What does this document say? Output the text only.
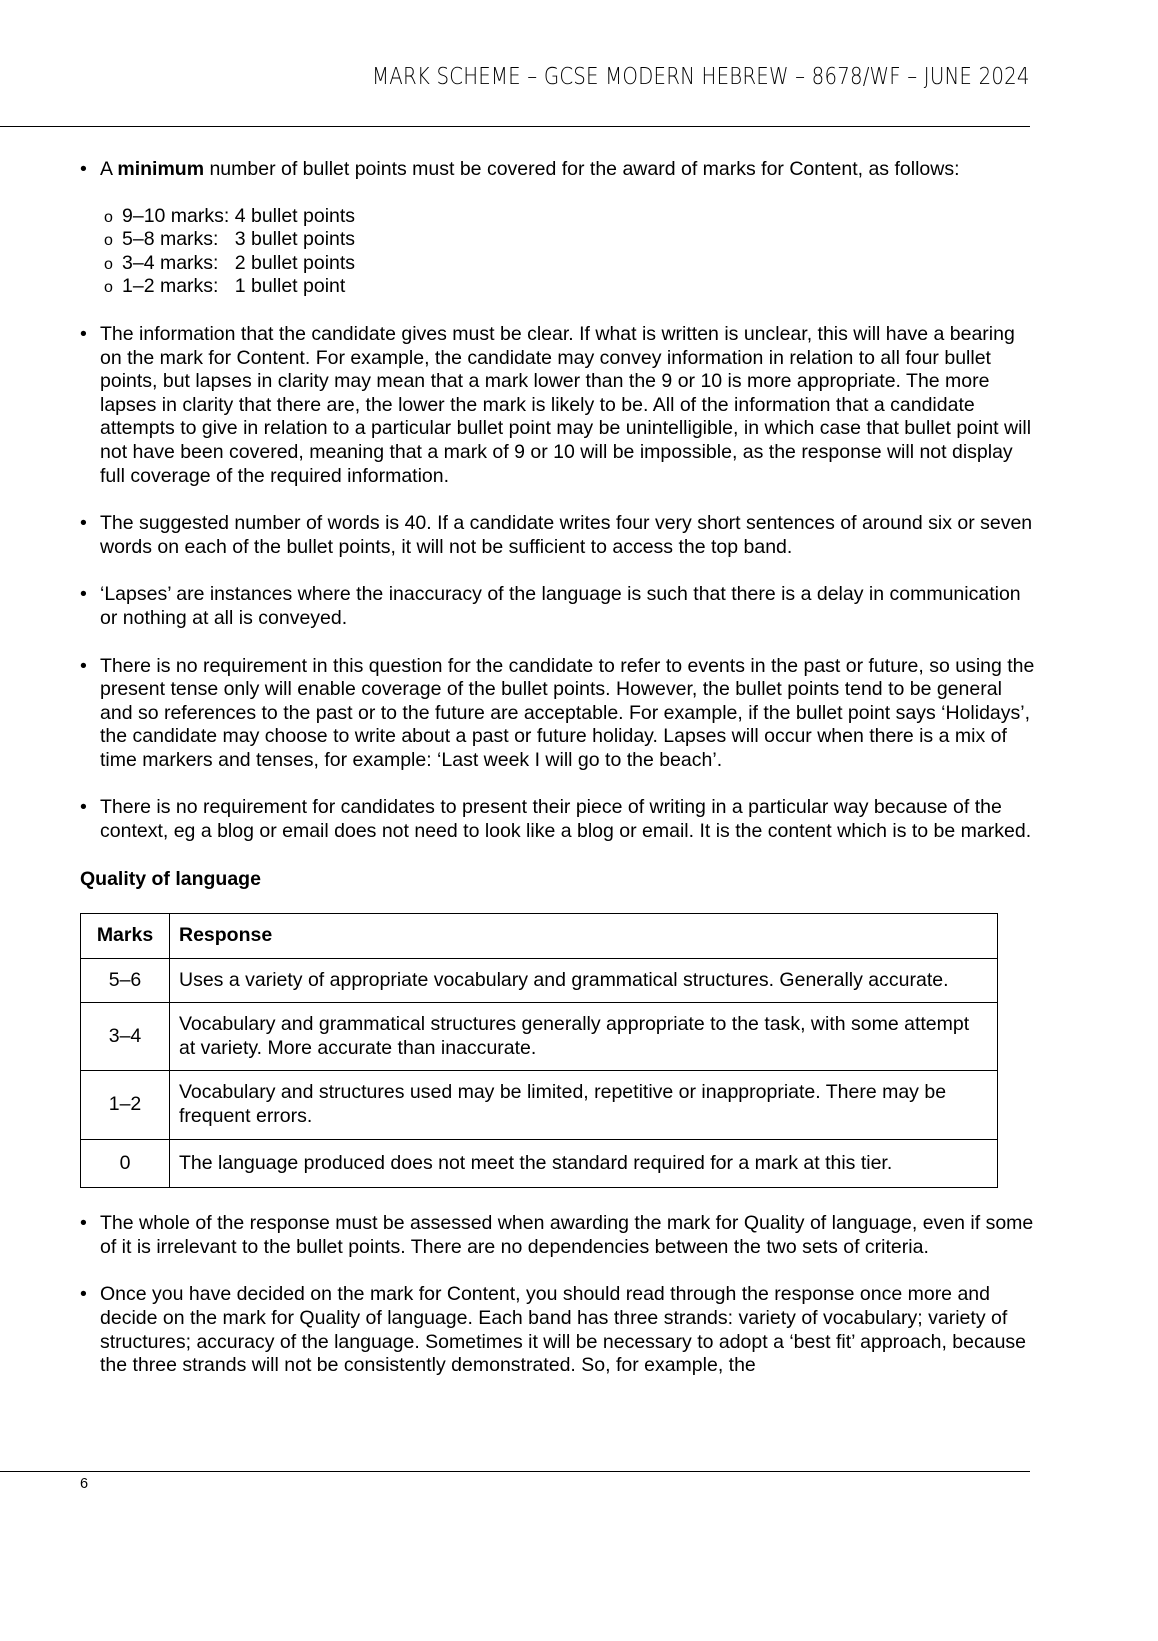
MARK SCHEME – GCSE MODERN HEBREW – 8678/WF – JUNE 2024
• A minimum number of bullet points must be covered for the award of marks for Content, as follows:
o 9–10 marks: 4 bullet points
o 5–8 marks:   3 bullet points
o 3–4 marks:   2 bullet points
o 1–2 marks:   1 bullet point
• The information that the candidate gives must be clear. If what is written is unclear, this will have a bearing on the mark for Content. For example, the candidate may convey information in relation to all four bullet points, but lapses in clarity may mean that a mark lower than the 9 or 10 is more appropriate. The more lapses in clarity that there are, the lower the mark is likely to be. All of the information that a candidate attempts to give in relation to a particular bullet point may be unintelligible, in which case that bullet point will not have been covered, meaning that a mark of 9 or 10 will be impossible, as the response will not display full coverage of the required information.
• The suggested number of words is 40. If a candidate writes four very short sentences of around six or seven words on each of the bullet points, it will not be sufficient to access the top band.
• ‘Lapses’ are instances where the inaccuracy of the language is such that there is a delay in communication or nothing at all is conveyed.
• There is no requirement in this question for the candidate to refer to events in the past or future, so using the present tense only will enable coverage of the bullet points. However, the bullet points tend to be general and so references to the past or to the future are acceptable. For example, if the bullet point says ‘Holidays’, the candidate may choose to write about a past or future holiday. Lapses will occur when there is a mix of time markers and tenses, for example: ‘Last week I will go to the beach’.
• There is no requirement for candidates to present their piece of writing in a particular way because of the context, eg a blog or email does not need to look like a blog or email. It is the content which is to be marked.
Quality of language
Marks	Response
5–6	Uses a variety of appropriate vocabulary and grammatical structures. Generally accurate.
3–4	Vocabulary and grammatical structures generally appropriate to the task, with some attempt at variety. More accurate than inaccurate.
1–2	Vocabulary and structures used may be limited, repetitive or inappropriate. There may be frequent errors.
0	The language produced does not meet the standard required for a mark at this tier.
• The whole of the response must be assessed when awarding the mark for Quality of language, even if some of it is irrelevant to the bullet points. There are no dependencies between the two sets of criteria.
• Once you have decided on the mark for Content, you should read through the response once more and decide on the mark for Quality of language. Each band has three strands: variety of vocabulary; variety of structures; accuracy of the language. Sometimes it will be necessary to adopt a ‘best fit’ approach, because the three strands will not be consistently demonstrated. So, for example, the
6
